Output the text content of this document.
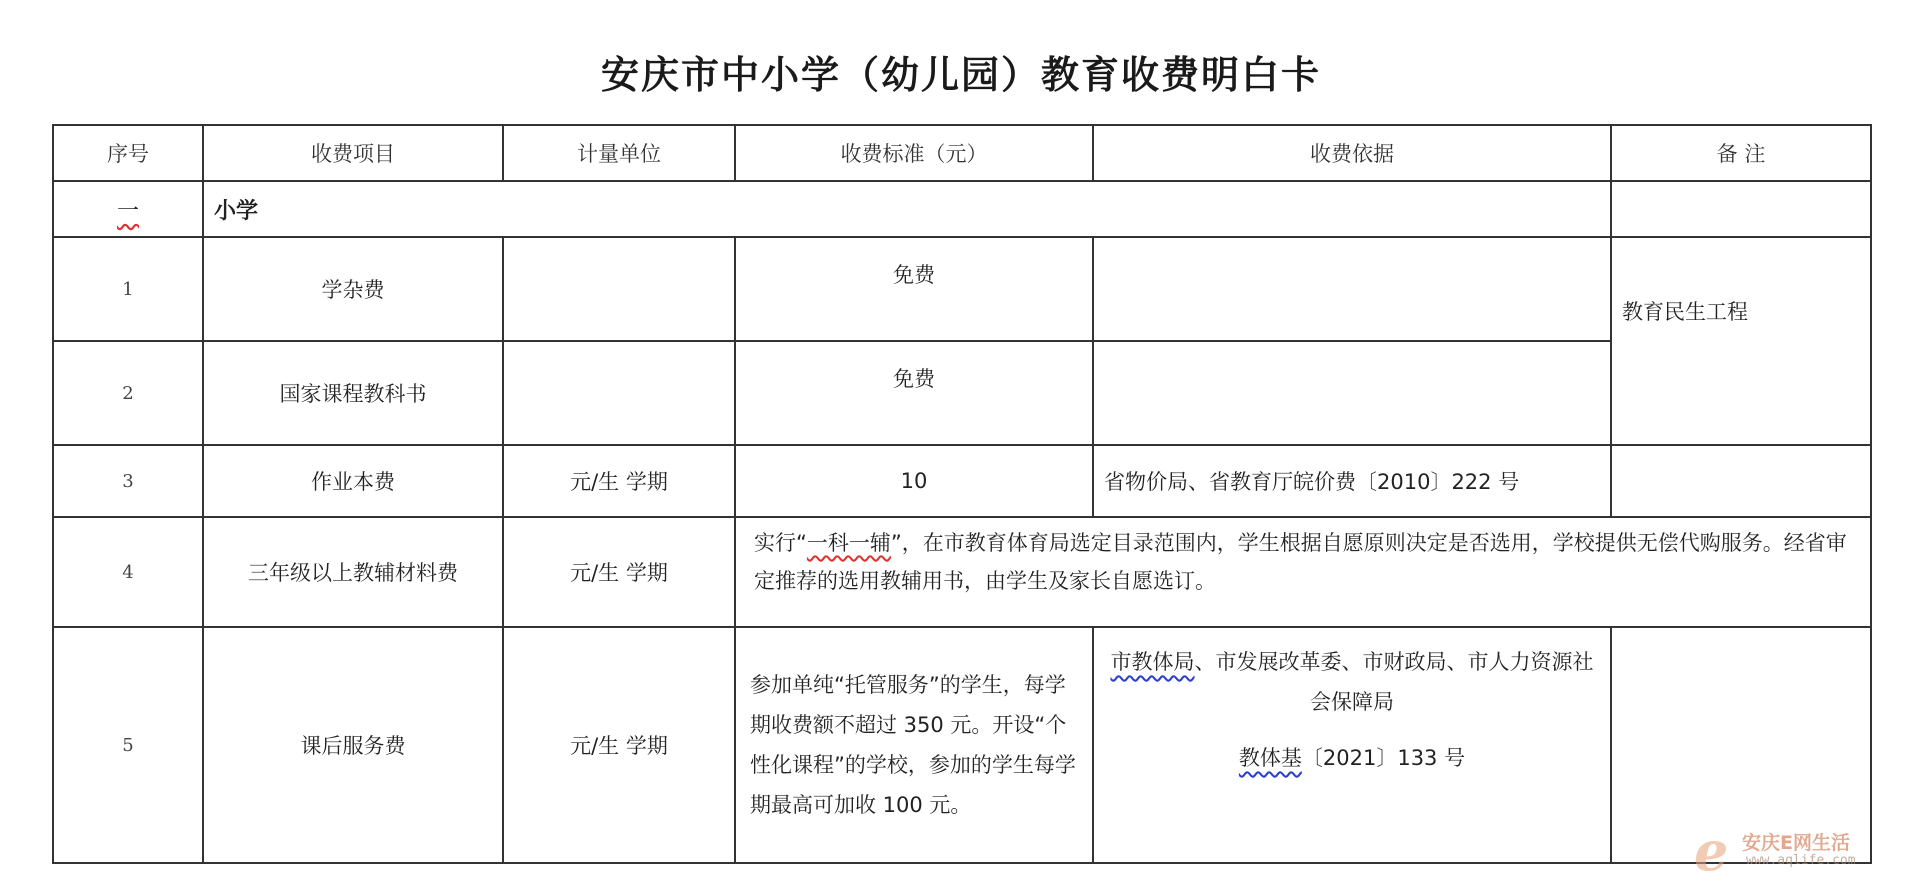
安庆市中小学（幼儿园）教育收费明白卡
序号	收费项目	计量单位	收费标准（元）	收费依据	备 注
一	小学				
1	学杂费		免费		教育民生工程
2	国家课程教科书		免费		
3	作业本费	元/生 学期	10	省物价局、省教育厅皖价费〔2010〕222 号	
4	三年级以上教辅材料费	元/生 学期	实行“一科一辅”，在市教育体育局选定目录范围内，学生根据自愿原则决定是否选用，学校提供无偿代购服务。经省审定推荐的选用教辅用书，由学生及家长自愿选订。		
5	课后服务费	元/生 学期	参加单纯“托管服务”的学生，每学期收费额不超过 350 元。开设“个性化课程”的学校，参加的学生每学期最高可加收 100 元。	市教体局、市发展改革委、市财政局、市人力资源社会保障局
教体基〔2021〕133 号	

e 安庆E网生活
www.aqlife.com
